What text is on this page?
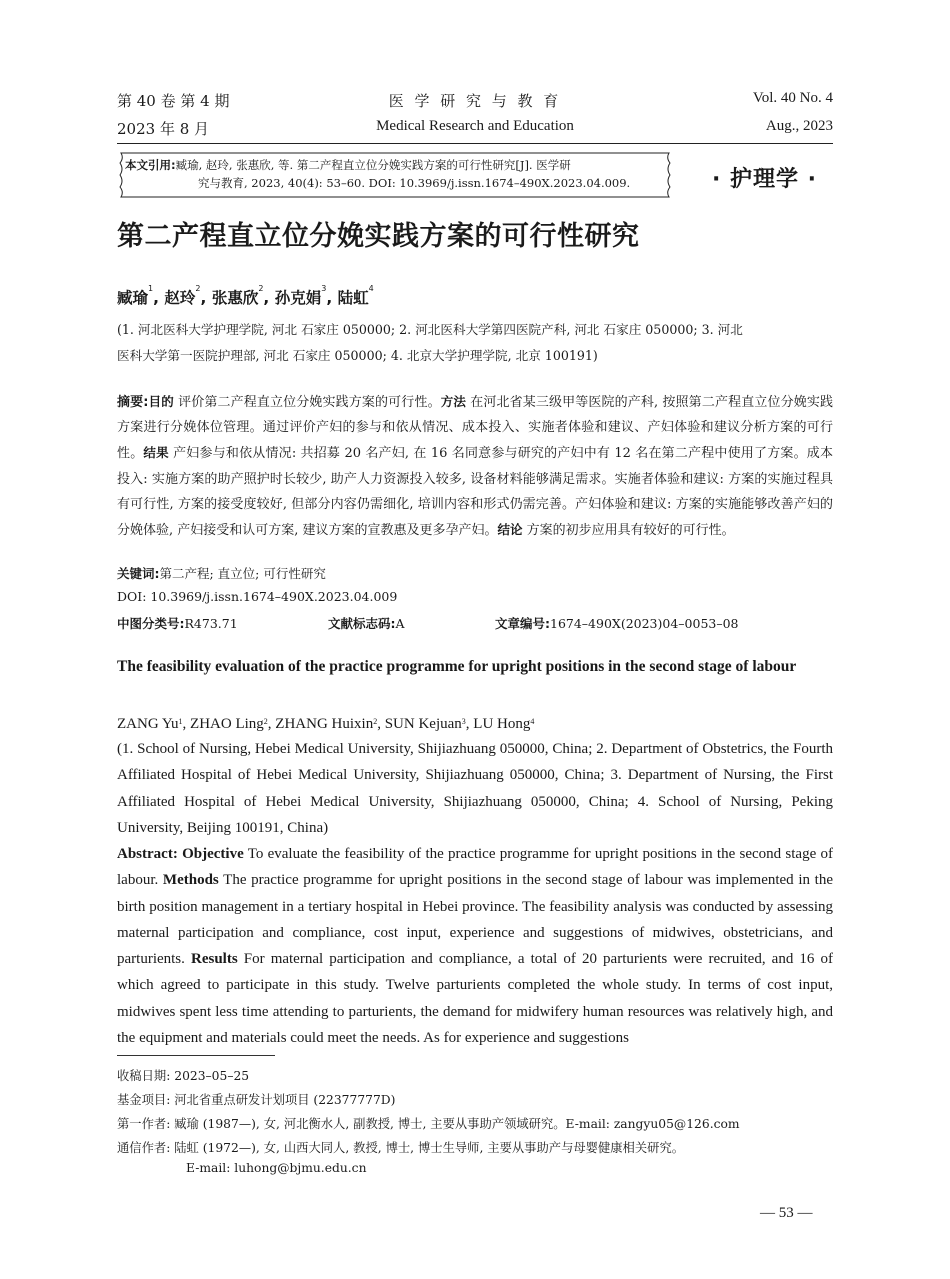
第 40 卷 第 4 期	医 学 研 究 与 教 育	Vol. 40 No. 4
2023 年 8 月	Medical Research and Education	Aug., 2023
本文引用:臧瑜, 赵玲, 张惠欣, 等. 第二产程直立位分娩实践方案的可行性研究[J]. 医学研
究与教育, 2023, 40(4): 53–60. DOI: 10.3969/j.issn.1674–490X.2023.04.009.	· 护理学 ·
第二产程直立位分娩实践方案的可行性研究
臧瑜$^1$, 赵玲$^2$, 张惠欣$^2$, 孙克娟$^3$, 陆虹$^4$
(1. 河北医科大学护理学院, 河北 石家庄 050000; 2. 河北医科大学第四医院产科, 河北 石家庄 050000; 3. 河北
医科大学第一医院护理部, 河北 石家庄 050000; 4. 北京大学护理学院, 北京 100191)
摘要:目的 评价第二产程直立位分娩实践方案的可行性。方法 在河北省某三级甲等医院的产科, 按照第二产程直立位分娩实践方案进行分娩体位管理。通过评价产妇的参与和依从情况、成本投入、实施者体验和建议、产妇体验和建议分析方案的可行性。结果 产妇参与和依从情况: 共招募 20 名产妇, 在 16 名同意参与研究的产妇中有 12 名在第二产程中使用了方案。成本投入: 实施方案的助产照护时长较少, 助产人力资源投入较多, 设备材料能够满足需求。实施者体验和建议: 方案的实施过程具有可行性, 方案的接受度较好, 但部分内容仍需细化, 培训内容和形式仍需完善。产妇体验和建议: 方案的实施能够改善产妇的分娩体验, 产妇接受和认可方案, 建议方案的宣教惠及更多孕产妇。结论 方案的初步应用具有较好的可行性。
关键词:第二产程; 直立位; 可行性研究
DOI: 10.3969/j.issn.1674–490X.2023.04.009
中图分类号:R473.71	文献标志码:A	文章编号:1674–490X(2023)04–0053–08
The feasibility evaluation of the practice programme for upright positions in the second stage of labour
ZANG Yu$^1$, ZHAO Ling$^2$, ZHANG Huixin$^2$, SUN Kejuan$^3$, LU Hong$^4$
(1. School of Nursing, Hebei Medical University, Shijiazhuang 050000, China; 2. Department of Obstetrics, the Fourth Affiliated Hospital of Hebei Medical University, Shijiazhuang 050000, China; 3. Department of Nursing, the First Affiliated Hospital of Hebei Medical University, Shijiazhuang 050000, China; 4. School of Nursing, Peking University, Beijing 100191, China)
Abstract: Objective To evaluate the feasibility of the practice programme for upright positions in the second stage of labour. Methods The practice programme for upright positions in the second stage of labour was implemented in the birth position management in a tertiary hospital in Hebei province. The feasibility analysis was conducted by assessing maternal participation and compliance, cost input, experience and suggestions of midwives, obstetricians, and parturients. Results For maternal participation and compliance, a total of 20 parturients were recruited, and 16 of which agreed to participate in this study. Twelve parturients completed the whole study. In terms of cost input, midwives spent less time attending to parturients, the demand for midwifery human resources was relatively high, and the equipment and materials could meet the needs. As for experience and suggestions
收稿日期: 2023–05–25
基金项目: 河北省重点研发计划项目 (22377777D)
第一作者: 臧瑜 (1987—), 女, 河北衡水人, 副教授, 博士, 主要从事助产领域研究。E-mail: zangyu05@126.com
通信作者: 陆虹 (1972—), 女, 山西大同人, 教授, 博士, 博士生导师, 主要从事助产与母婴健康相关研究。
E-mail: luhong@bjmu.edu.cn
— 53 —
